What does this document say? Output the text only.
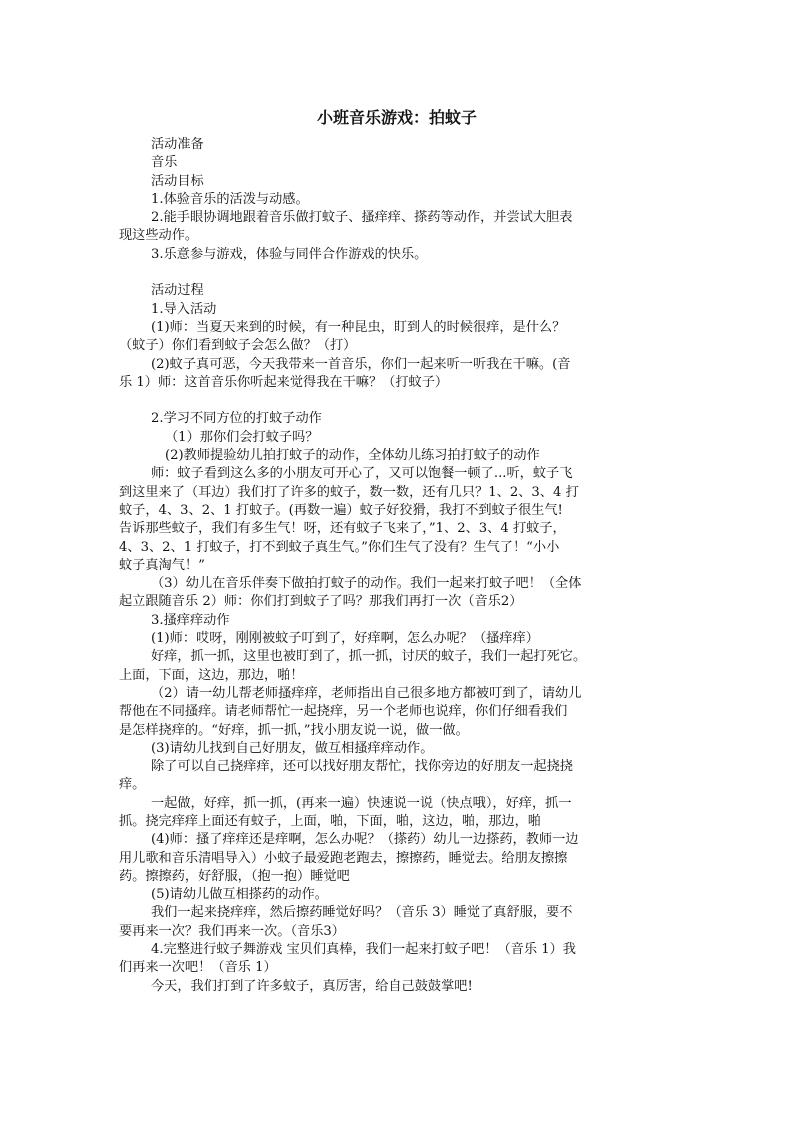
小班音乐游戏：拍蚊子
活动准备
音乐
活动目标
1.体验音乐的活泼与动感。
2.能手眼协调地跟着音乐做打蚊子、搔痒痒、搽药等动作，并尝试大胆表
现这些动作。
3.乐意参与游戏，体验与同伴合作游戏的快乐。
活动过程
1.导入活动
(1)师：当夏天来到的时候，有一种昆虫，盯到人的时候很痒，是什么？
（蚊子）你们看到蚊子会怎么做？（打）
(2)蚊子真可恶，今天我带来一首音乐，你们一起来听一听我在干嘛。(音
乐 1）师：这首音乐你听起来觉得我在干嘛？（打蚊子）
2.学习不同方位的打蚊子动作
（1）那你们会打蚊子吗？
(2)教师提验幼儿拍打蚊子的动作，全体幼儿练习拍打蚊子的动作
师：蚊子看到这么多的小朋友可开心了，又可以饱餐一顿了...听，蚊子飞
到这里来了（耳边）我们打了许多的蚊子，数一数，还有几只？1、2、3、4 打
蚊子，4、3、2、1 打蚊子。(再数一遍）蚊子好狡猾，我打不到蚊子很生气!
告诉那些蚊子，我们有多生气！呀，还有蚊子飞来了，”1、2、3、4 打蚊子，
4、3、2、1 打蚊子，打不到蚊子真生气。”你们生气了没有？生气了！“小小
蚊子真淘气！”
（3）幼儿在音乐伴奏下做拍打蚊子的动作。我们一起来打蚊子吧！（全体
起立跟随音乐 2）师：你们打到蚊子了吗？那我们再打一次（音乐2）
3.搔痒痒动作
(1)师：哎呀，刚刚被蚊子叮到了，好痒啊，怎么办呢？（搔痒痒）
好痒，抓一抓，这里也被盯到了，抓一抓，讨厌的蚊子，我们一起打死它。
上面，下面，这边，那边，啪！
（2）请一幼儿帮老师搔痒痒，老师指出自己很多地方都被叮到了，请幼儿
帮他在不同搔痒。请老师帮忙一起挠痒，另一个老师也说痒，你们仔细看我们
是怎样挠痒的。“好痒，抓一抓，”找小朋友说一说，做一做。
(3)请幼儿找到自己好朋友，做互相搔痒痒动作。
除了可以自己挠痒痒，还可以找好朋友帮忙，找你旁边的好朋友一起挠挠
痒。
一起做，好痒，抓一抓，(再来一遍）快速说一说（快点哦），好痒，抓一
抓。挠完痒痒上面还有蚊子，上面，啪，下面，啪，这边，啪，那边，啪
(4)师：搔了痒痒还是痒啊，怎么办呢？（搽药）幼儿一边搽药，教师一边
用儿歌和音乐清唱导入）小蚊子最爱跑老跑去，擦擦药，睡觉去。给朋友擦擦
药。擦擦药，好舒服，（抱一抱）睡觉吧
(5)请幼儿做互相搽药的动作。
我们一起来挠痒痒，然后擦药睡觉好吗？（音乐 3）睡觉了真舒服，要不
要再来一次？我们再来一次。（音乐3）
4.完整进行蚊子舞游戏 宝贝们真棒，我们一起来打蚊子吧！（音乐 1）我
们再来一次吧！（音乐 1）
今天，我们打到了许多蚊子，真厉害，给自己鼓鼓掌吧!
